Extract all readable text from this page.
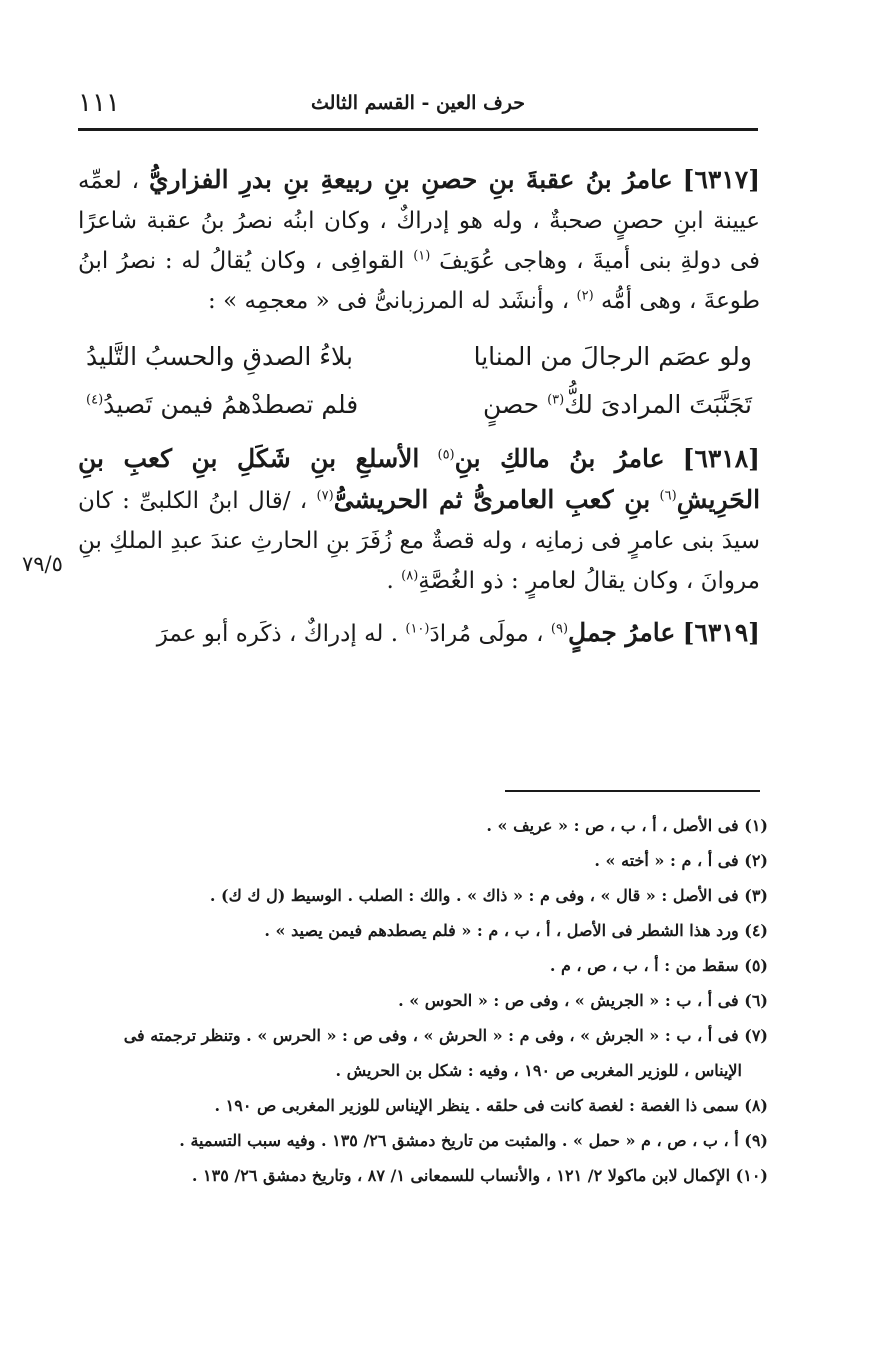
حرف العين - القسم الثالث
١١١

[٦٣١٧] عامرُ بنُ عقبةَ بنِ حصنِ بنِ ربيعةِ بنِ بدرِ الفزاريُّ ، لعمِّه عيينة ابنِ حصنٍ صحبةٌ ، وله هو إدراكٌ ، وكان ابنُه نصرُ بنُ عقبة شاعرًا فى دولةِ بنى أميةَ ، وهاجى عُوَيفَ $^{(١)}$ القوافِى ، وكان يُقالُ له : نصرُ ابنُ طوعةَ ، وهى أمُّه $^{(٢)}$ ، وأنشَد له المرزبانىُّ فى « معجمِه » :

ولو عصَم الرجالَ من المنايا
بلاءُ الصدقِ والحسبُ التَّليدُ
تَجَنَّبَتَ المرادىَ لكُّ$^{(٣)}$ حصنٍ
فلم تصطدْهمُ فيمن تَصيدُ$^{(٤)}$

[٦٣١٨] عامرُ بنُ مالكِ بنِ$^{(٥)}$ الأسلعِ بنِ شَكَلِ بنِ كعبِ بنِ الحَرِيشِ$^{(٦)}$ بنِ كعبِ العامرىُّ ثم الحريشىُّ$^{(٧)}$ ، /قال ابنُ الكلبىِّ : كان سيدَ بنى عامرٍ فى زمانِه ، وله قصةٌ مع زُفَرَ بنِ الحارثِ عندَ عبدِ الملكِ بنِ مروانَ ، وكان يقالُ لعامرٍ : ذو الغُصَّةِ$^{(٨)}$ .

[٦٣١٩] عامرُ جملٍ$^{(٩)}$ ، مولَى مُرادَ$^{(١٠)}$ . له إدراكٌ ، ذكَره أبو عمرَ

٧٩/٥

(١) فى الأصل ، أ ، ب ، ص : « عريف » .

(٢) فى أ ، م : « أخته » .

(٣) فى الأصل : « قال » ، وفى م : « ذاك » . والك : الصلب . الوسيط (ل ك ك) .

(٤) ورد هذا الشطر فى الأصل ، أ ، ب ، م : « فلم يصطدهم فيمن يصيد » .

(٥) سقط من : أ ، ب ، ص ، م .

(٦) فى أ ، ب : « الجريش » ، وفى ص : « الحوس » .

(٧) فى أ ، ب : « الجرش » ، وفى م : « الحرش » ، وفى ص : « الحرس » . وتنظر ترجمته فى

الإيناس ، للوزير المغربى ص ١٩٠ ، وفيه : شكل بن الحريش .

(٨) سمى ذا الغصة : لغصة كانت فى حلقه . ينظر الإيناس للوزير المغربى ص ١٩٠ .

(٩) أ ، ب ، ص ، م « حمل » . والمثبت من تاريخ دمشق ٢٦/ ١٣٥ . وفيه سبب التسمية .

(١٠) الإكمال لابن ماكولا ٢/ ١٢١ ، والأنساب للسمعانى ١/ ٨٧ ، وتاريخ دمشق ٢٦/ ١٣٥ .
